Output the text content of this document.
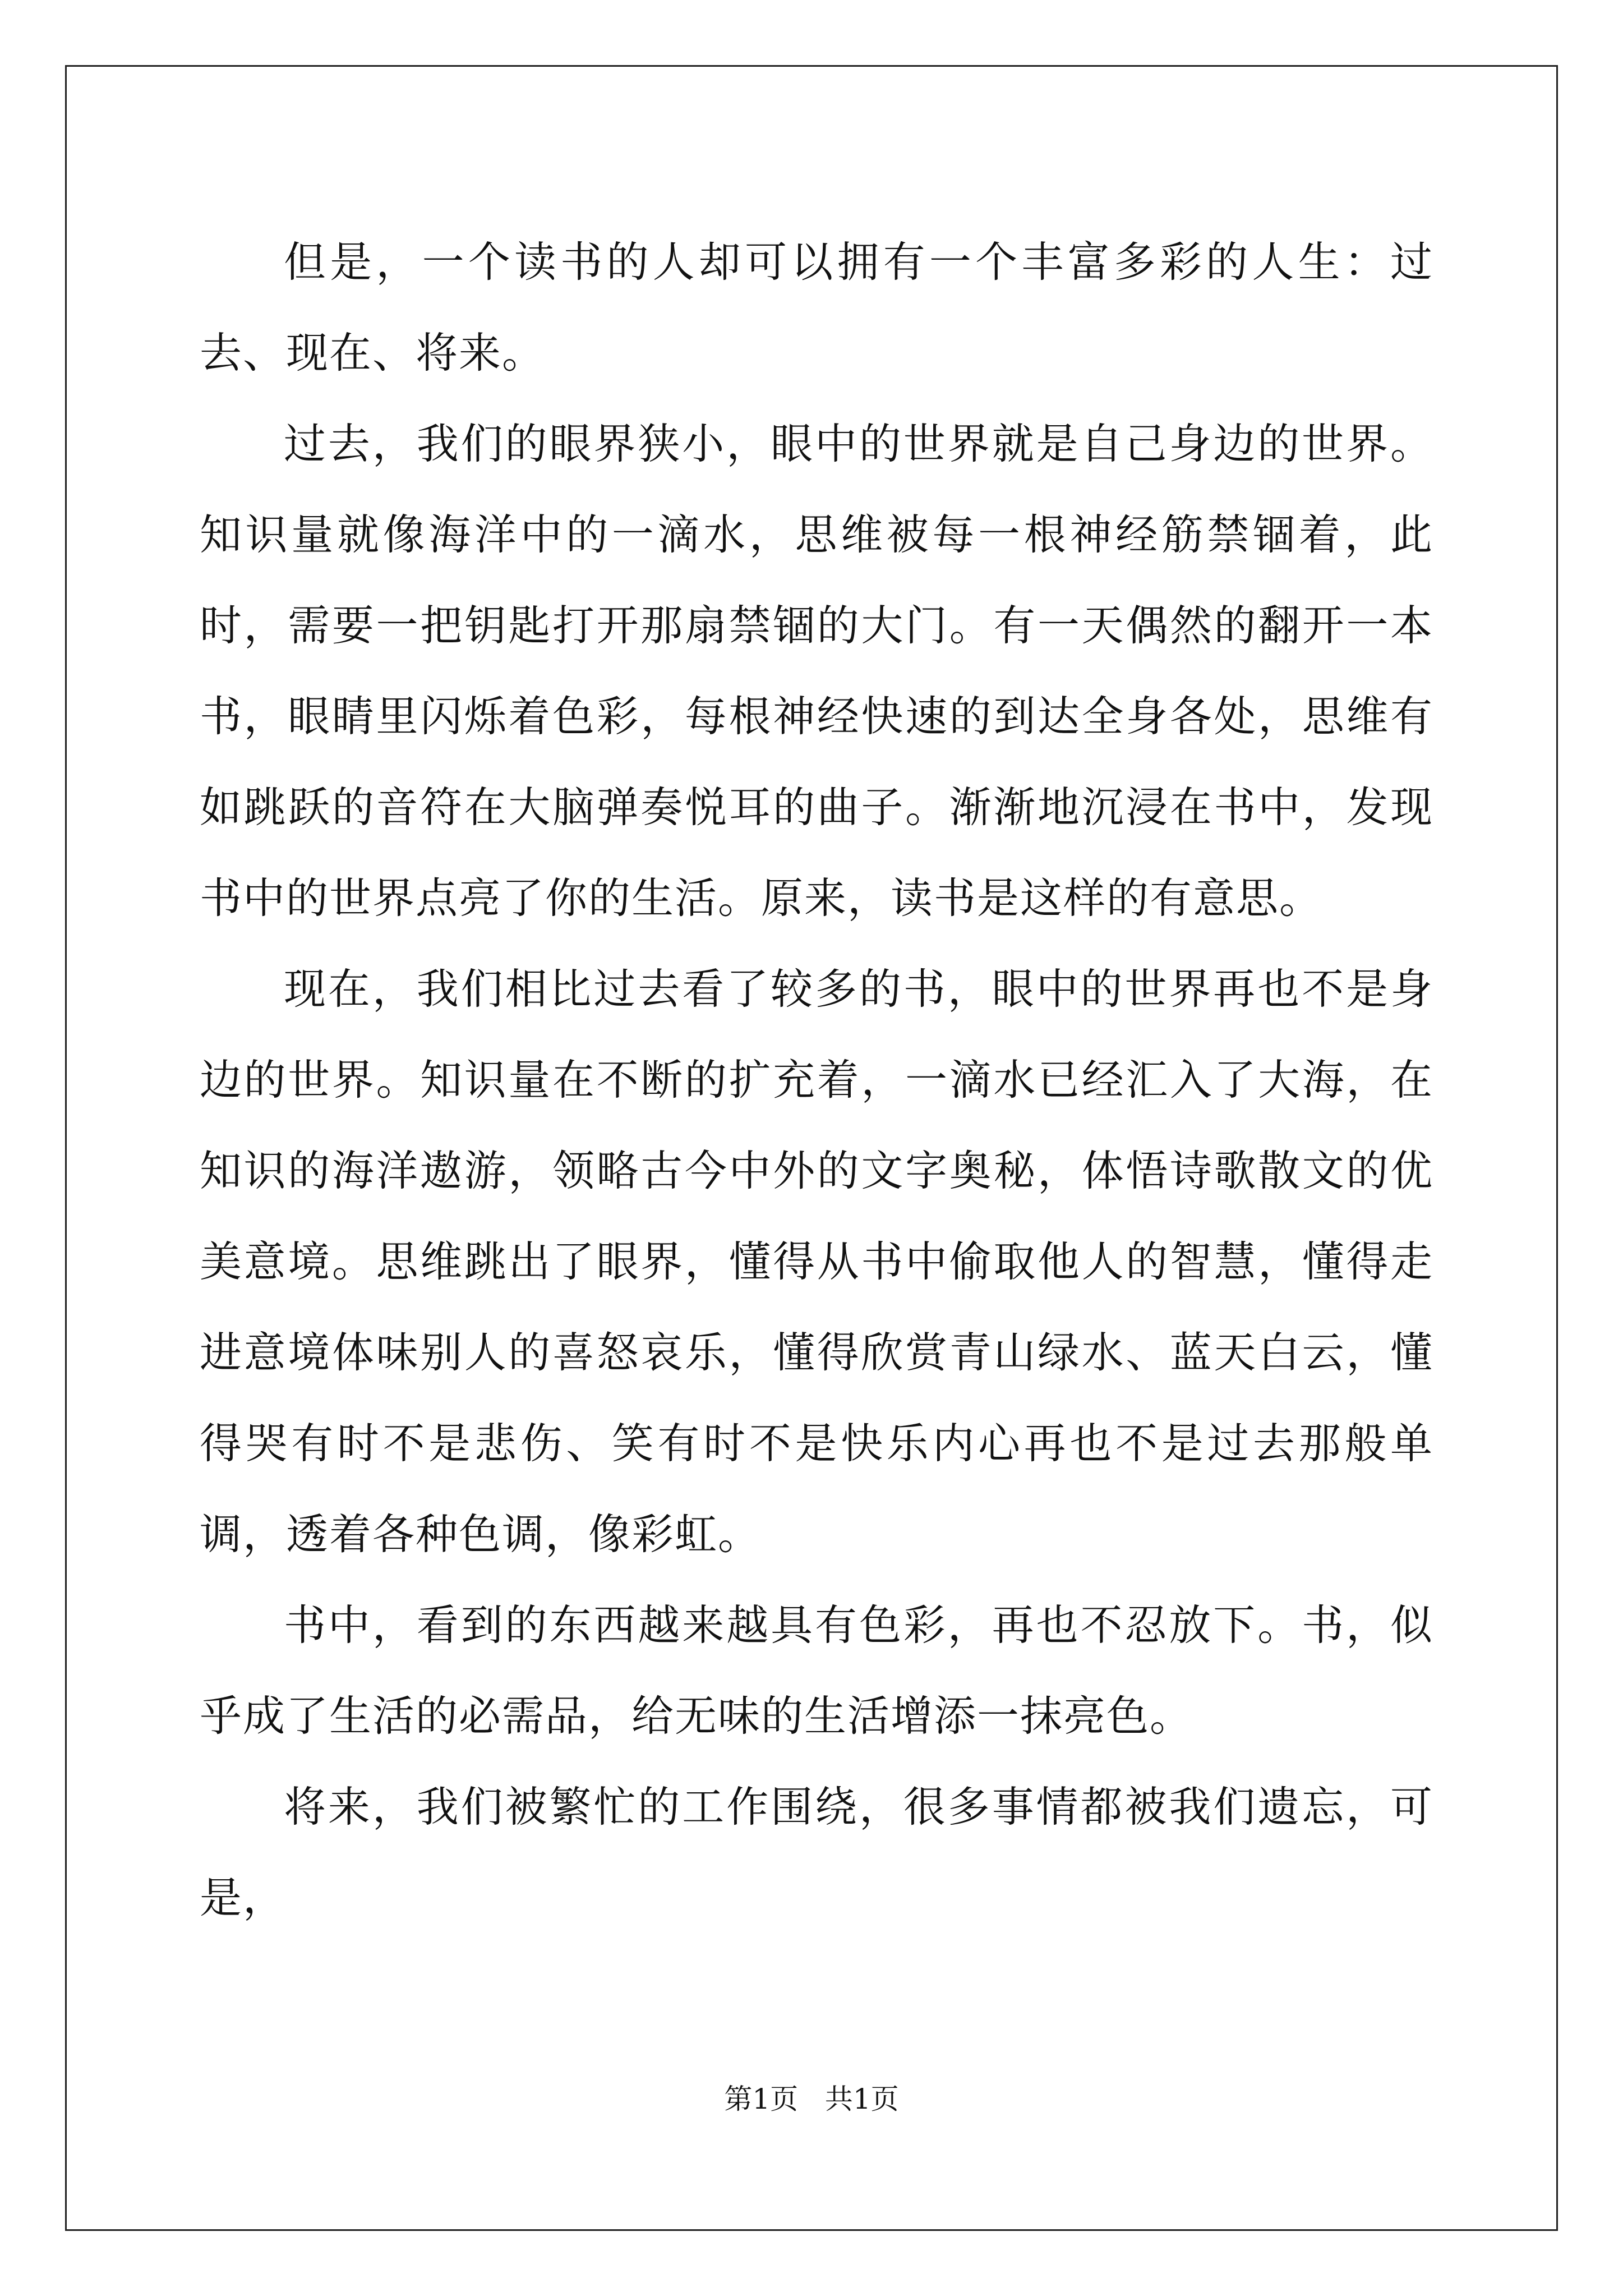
但是，一个读书的人却可以拥有一个丰富多彩的人生：过去、现在、将来。

过去，我们的眼界狭小，眼中的世界就是自己身边的世界。知识量就像海洋中的一滴水，思维被每一根神经筋禁锢着，此时，需要一把钥匙打开那扇禁锢的大门。有一天偶然的翻开一本书，眼睛里闪烁着色彩，每根神经快速的到达全身各处，思维有如跳跃的音符在大脑弹奏悦耳的曲子。渐渐地沉浸在书中，发现书中的世界点亮了你的生活。原来，读书是这样的有意思。

现在，我们相比过去看了较多的书，眼中的世界再也不是身边的世界。知识量在不断的扩充着，一滴水已经汇入了大海，在知识的海洋遨游，领略古今中外的文字奥秘，体悟诗歌散文的优美意境。思维跳出了眼界，懂得从书中偷取他人的智慧，懂得走进意境体味别人的喜怒哀乐，懂得欣赏青山绿水、蓝天白云，懂得哭有时不是悲伤、笑有时不是快乐内心再也不是过去那般单调，透着各种色调，像彩虹。

书中，看到的东西越来越具有色彩，再也不忍放下。书，似乎成了生活的必需品，给无味的生活增添一抹亮色。

将来，我们被繁忙的工作围绕，很多事情都被我们遗忘，可是，

第1页   共1页
